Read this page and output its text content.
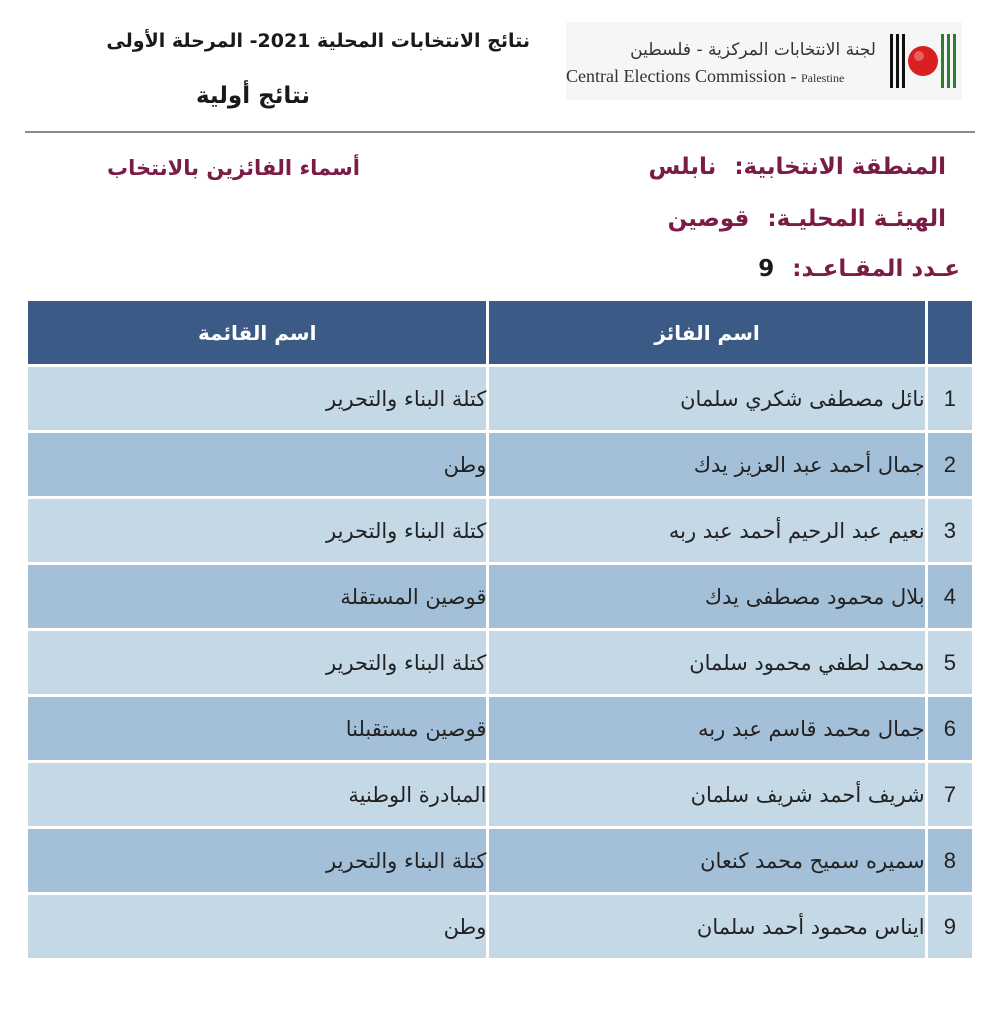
نتائج الانتخابات المحلية 2021- المرحلة الأولى
نتائج أولية
لجنة الانتخابات المركزية - فلسطين
Central Elections Commission - Palestine
المنطقة الانتخابية: نابلس
الهيئـة المحليـة: قوصين
عـدد المقـاعـد: 9
أسماء الفائزين بالانتخاب
اسم القائمة	اسم الفائز	
كتلة البناء والتحرير	نائل مصطفى شكري سلمان	1
وطن	جمال أحمد عبد العزيز يدك	2
كتلة البناء والتحرير	نعيم عبد الرحيم أحمد عبد ربه	3
قوصين المستقلة	بلال محمود مصطفى يدك	4
كتلة البناء والتحرير	محمد لطفي محمود سلمان	5
قوصين مستقبلنا	جمال محمد قاسم عبد ربه	6
المبادرة الوطنية	شريف أحمد شريف سلمان	7
كتلة البناء والتحرير	سميره سميح محمد كنعان	8
وطن	ايناس محمود أحمد سلمان	9
